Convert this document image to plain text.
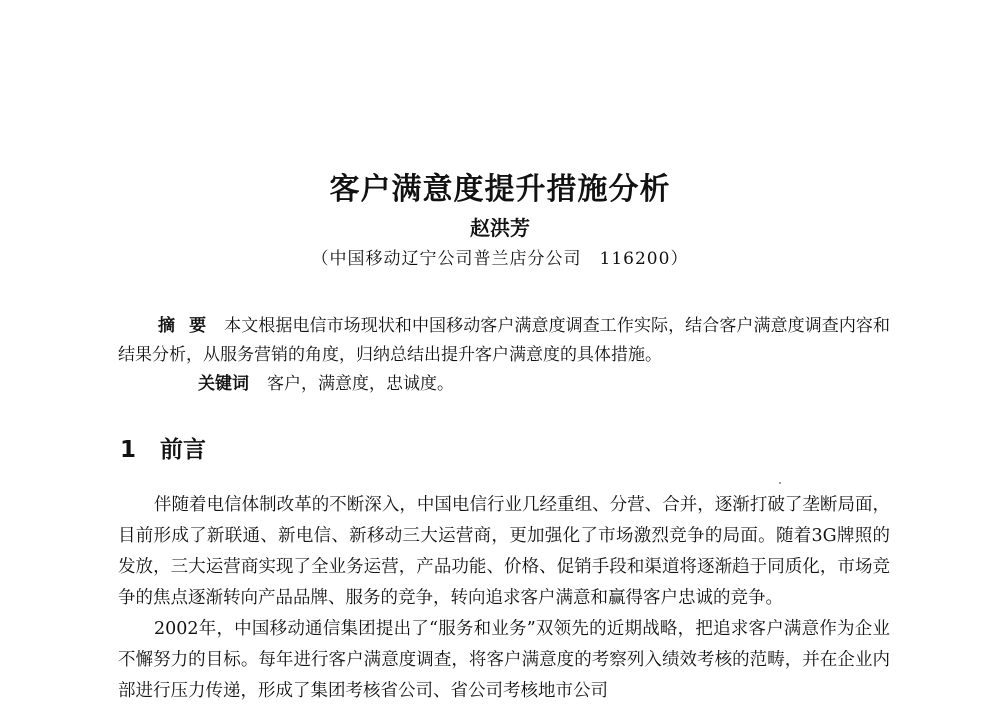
客户满意度提升措施分析
赵洪芳
（中国移动辽宁公司普兰店分公司　116200）

摘要 本文根据电信市场现状和中国移动客户满意度调查工作实际，结合客户满意度调查内容和结果分析，从服务营销的角度，归纳总结出提升客户满意度的具体措施。

关键词 客户，满意度，忠诚度。

1 前言

伴随着电信体制改革的不断深入，中国电信行业几经重组、分营、合并，逐渐打破了垄断局面，目前形成了新联通、新电信、新移动三大运营商，更加强化了市场激烈竞争的局面。随着3G牌照的发放，三大运营商实现了全业务运营，产品功能、价格、促销手段和渠道将逐渐趋于同质化，市场竞争的焦点逐渐转向产品品牌、服务的竞争，转向追求客户满意和赢得客户忠诚的竞争。

2002年，中国移动通信集团提出了“服务和业务”双领先的近期战略，把追求客户满意作为企业不懈努力的目标。每年进行客户满意度调查，将客户满意度的考察列入绩效考核的范畴，并在企业内部进行压力传递，形成了集团考核省公司、省公司考核地市公司
